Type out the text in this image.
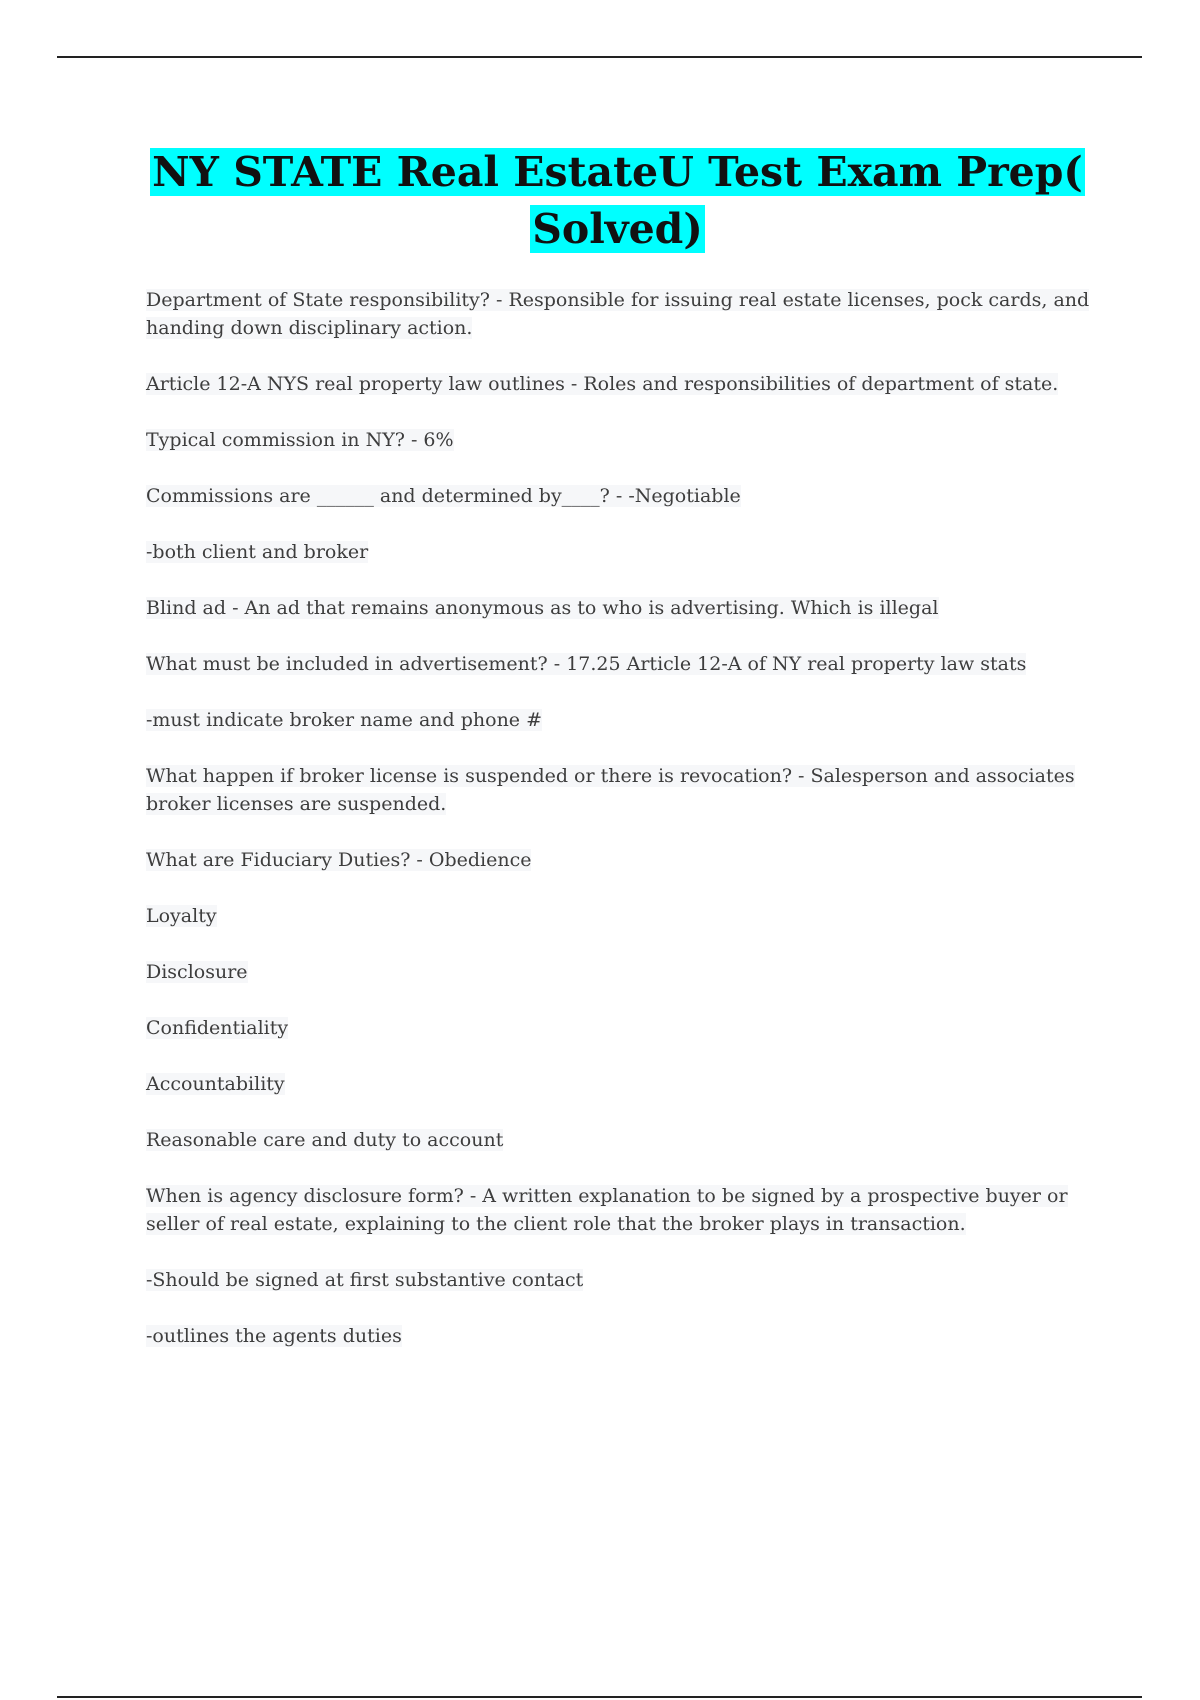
NY STATE Real EstateU Test Exam Prep(
Solved)

Department of State responsibility? - Responsible for issuing real estate licenses, pock cards, and handing down disciplinary action.

Article 12-A NYS real property law outlines - Roles and responsibilities of department of state.

Typical commission in NY? - 6%

Commissions are ______ and determined by____? - -Negotiable

-both client and broker

Blind ad - An ad that remains anonymous as to who is advertising. Which is illegal

What must be included in advertisement? - 17.25 Article 12-A of NY real property law stats

-must indicate broker name and phone #

What happen if broker license is suspended or there is revocation? - Salesperson and associates broker licenses are suspended.

What are Fiduciary Duties? - Obedience

Loyalty

Disclosure

Confidentiality

Accountability

Reasonable care and duty to account

When is agency disclosure form? - A written explanation to be signed by a prospective buyer or seller of real estate, explaining to the client role that the broker plays in transaction.

-Should be signed at first substantive contact

-outlines the agents duties
